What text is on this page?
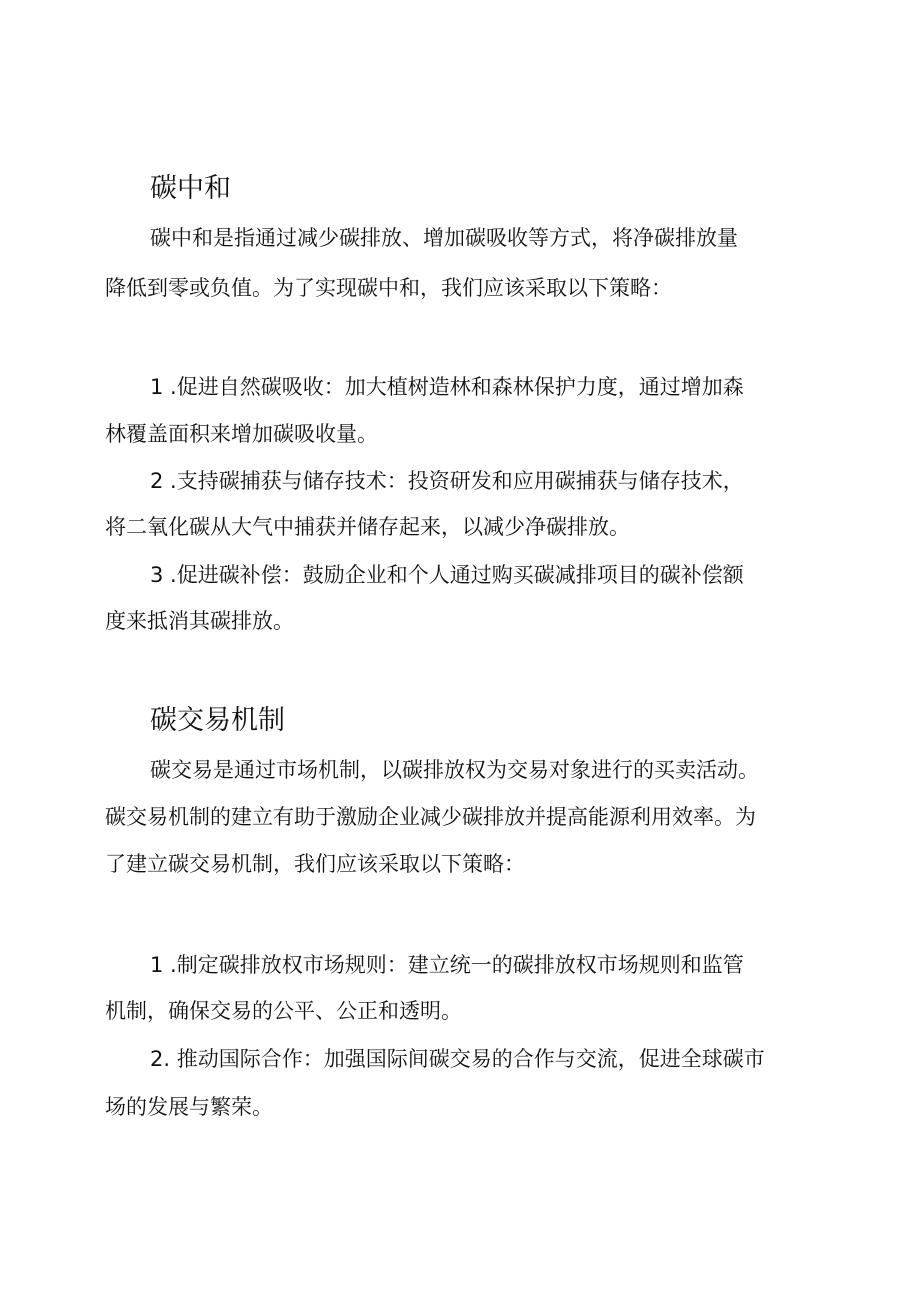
碳中和

碳中和是指通过减少碳排放、增加碳吸收等方式，将净碳排放量

降低到零或负值。为了实现碳中和，我们应该采取以下策略：

1 .促进自然碳吸收：加大植树造林和森林保护力度，通过增加森

林覆盖面积来增加碳吸收量。

2 .支持碳捕获与储存技术：投资研发和应用碳捕获与储存技术，

将二氧化碳从大气中捕获并储存起来，以减少净碳排放。

3 .促进碳补偿：鼓励企业和个人通过购买碳减排项目的碳补偿额

度来抵消其碳排放。

碳交易机制

碳交易是通过市场机制，以碳排放权为交易对象进行的买卖活动。

碳交易机制的建立有助于激励企业减少碳排放并提高能源利用效率。为

了建立碳交易机制，我们应该采取以下策略：

1 .制定碳排放权市场规则：建立统一的碳排放权市场规则和监管

机制，确保交易的公平、公正和透明。

2. 推动国际合作：加强国际间碳交易的合作与交流，促进全球碳市

场的发展与繁荣。
